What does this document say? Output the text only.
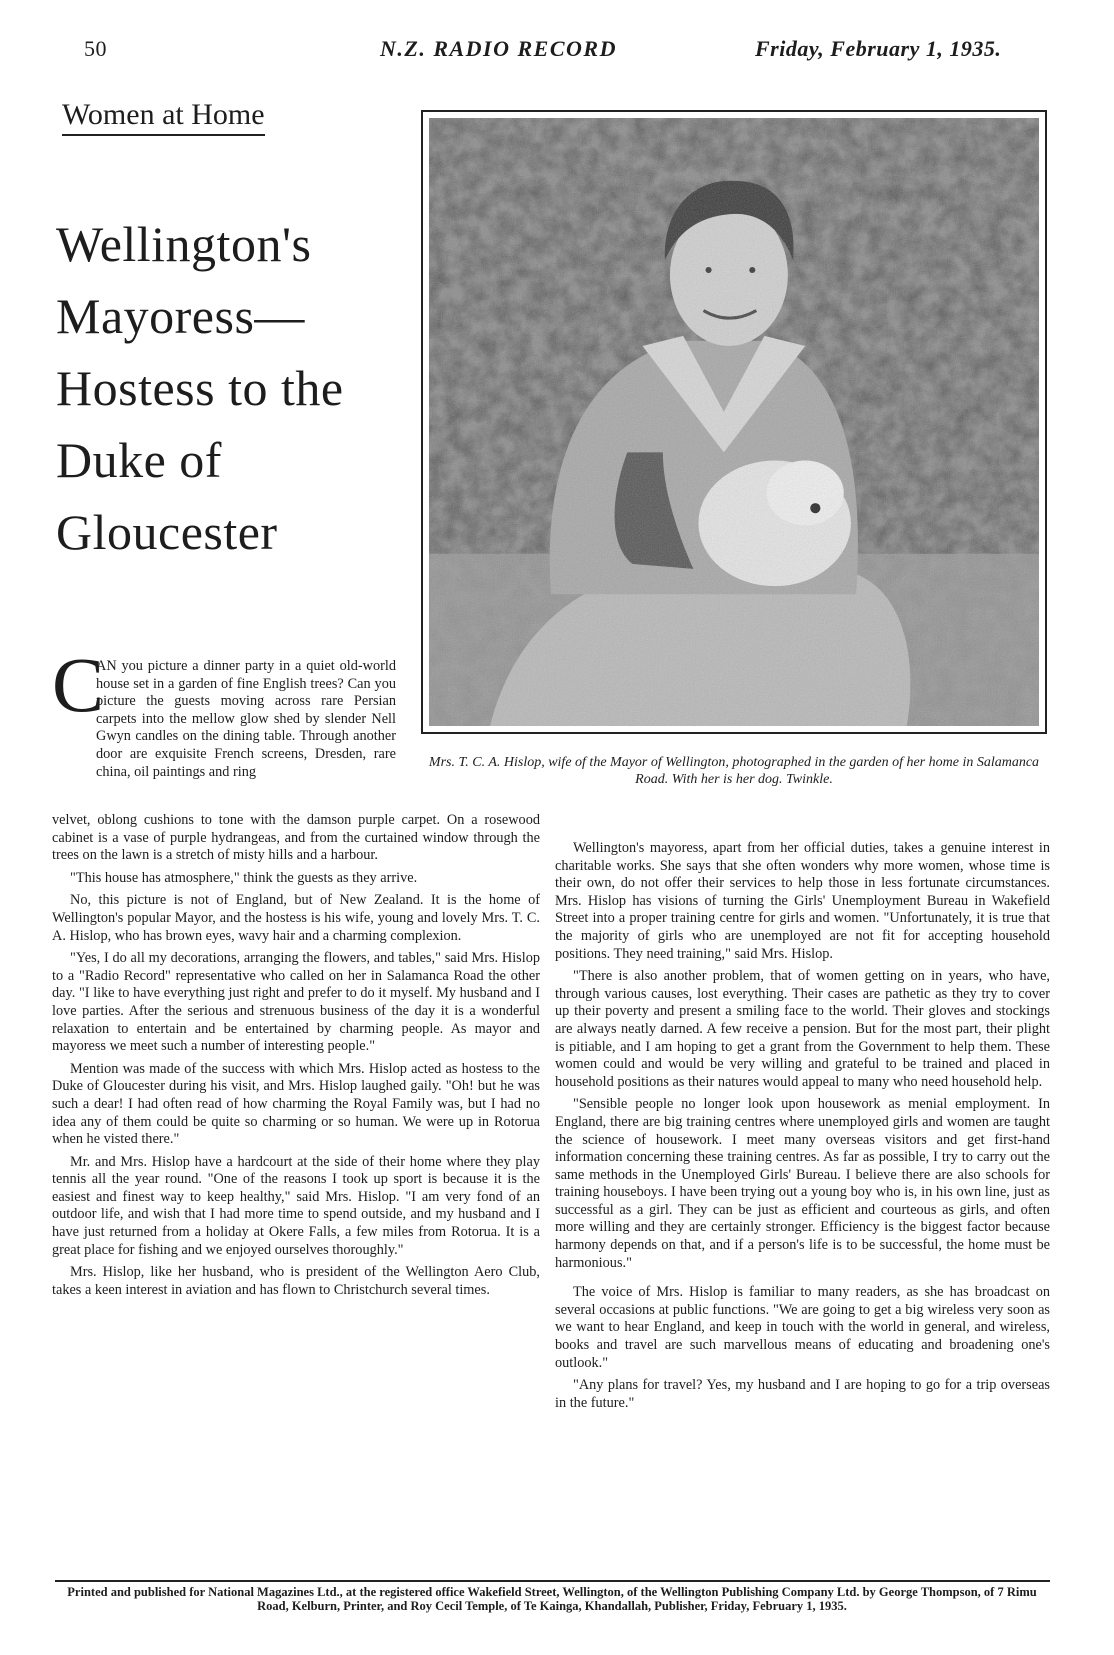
50	N.Z. RADIO RECORD	Friday, February 1, 1935.
Women at Home
Wellington's Mayoress—Hostess to the Duke of Gloucester
Mrs. T. C. A. Hislop, wife of the Mayor of Wellington, photographed in the garden of her home in Salamanca Road. With her is her dog. Twinkle.
C
AN you picture a dinner party in a quiet old-world house set in a garden of fine English trees? Can you picture the guests moving across rare Persian carpets into the mellow glow shed by slender Nell Gwyn candles on the dining table. Through another door are exquisite French screens, Dresden, rare china, oil paintings and ring

velvet, oblong cushions to tone with the damson purple carpet. On a rosewood cabinet is a vase of purple hydrangeas, and from the curtained window through the trees on the lawn is a stretch of misty hills and a harbour.

"This house has atmosphere," think the guests as they arrive.

No, this picture is not of England, but of New Zealand. It is the home of Wellington's popular Mayor, and the hostess is his wife, young and lovely Mrs. T. C. A. Hislop, who has brown eyes, wavy hair and a charming complexion.

"Yes, I do all my decorations, arranging the flowers, and tables," said Mrs. Hislop to a "Radio Record" representative who called on her in Salamanca Road the other day. "I like to have everything just right and prefer to do it myself. My husband and I love parties. After the serious and strenuous business of the day it is a wonderful relaxation to entertain and be entertained by charming people. As mayor and mayoress we meet such a number of interesting people."

Mention was made of the success with which Mrs. Hislop acted as hostess to the Duke of Gloucester during his visit, and Mrs. Hislop laughed gaily. "Oh! but he was such a dear! I had often read of how charming the Royal Family was, but I had no idea any of them could be quite so charming or so human. We were up in Rotorua when he visted there."

Mr. and Mrs. Hislop have a hardcourt at the side of their home where they play tennis all the year round. "One of the reasons I took up sport is because it is the easiest and finest way to keep healthy," said Mrs. Hislop. "I am very fond of an outdoor life, and wish that I had more time to spend outside, and my husband and I have just returned from a holiday at Okere Falls, a few miles from Rotorua. It is a great place for fishing and we enjoyed ourselves thoroughly."

Mrs. Hislop, like her husband, who is president of the Wellington Aero Club, takes a keen interest in aviation and has flown to Christchurch several times.

Wellington's mayoress, apart from her official duties, takes a genuine interest in charitable works. She says that she often wonders why more women, whose time is their own, do not offer their services to help those in less fortunate circumstances. Mrs. Hislop has visions of turning the Girls' Unemployment Bureau in Wakefield Street into a proper training centre for girls and women. "Unfortunately, it is true that the majority of girls who are unemployed are not fit for accepting household positions. They need training," said Mrs. Hislop.

"There is also another problem, that of women getting on in years, who have, through various causes, lost everything. Their cases are pathetic as they try to cover up their poverty and present a smiling face to the world. Their gloves and stockings are always neatly darned. A few receive a pension. But for the most part, their plight is pitiable, and I am hoping to get a grant from the Government to help them. These women could and would be very willing and grateful to be trained and placed in household positions as their natures would appeal to many who need household help.

"Sensible people no longer look upon housework as menial employment. In England, there are big training centres where unemployed girls and women are taught the science of housework. I meet many overseas visitors and get first-hand information concerning these training centres. As far as possible, I try to carry out the same methods in the Unemployed Girls' Bureau. I believe there are also schools for training houseboys. I have been trying out a young boy who is, in his own line, just as successful as a girl. They can be just as efficient and courteous as girls, and often more willing and they are certainly stronger. Efficiency is the biggest factor because harmony depends on that, and if a person's life is to be successful, the home must be harmonious."

The voice of Mrs. Hislop is familiar to many readers, as she has broadcast on several occasions at public functions. "We are going to get a big wireless very soon as we want to hear England, and keep in touch with the world in general, and wireless, books and travel are such marvellous means of educating and broadening one's outlook."

"Any plans for travel? Yes, my husband and I are hoping to go for a trip overseas in the future."

Printed and published for National Magazines Ltd., at the registered office Wakefield Street, Wellington, of the Wellington Publishing Company Ltd. by George Thompson, of 7 Rimu Road, Kelburn, Printer, and Roy Cecil Temple, of Te Kainga, Khandallah, Publisher, Friday, February 1, 1935.
